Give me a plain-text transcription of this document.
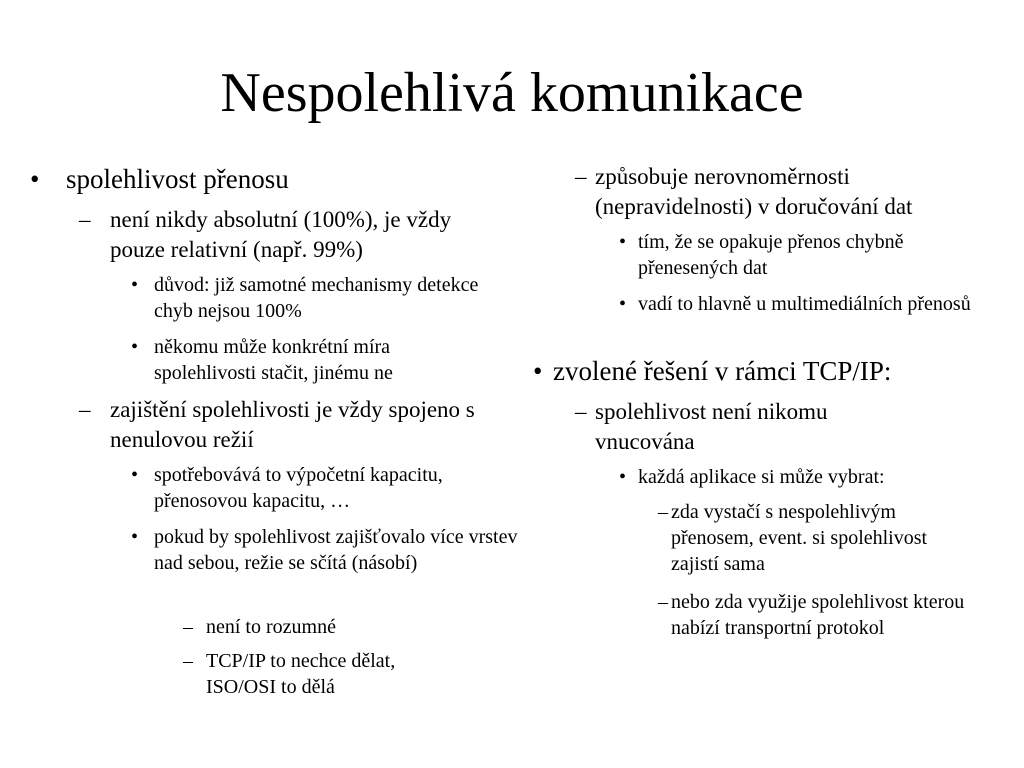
Nespolehlivá komunikace
• spolehlivost přenosu
– není nikdy absolutní (100%), je vždy pouze relativní (např. 99%)
• důvod: již samotné mechanismy detekce chyb nejsou 100%
• někomu může konkrétní míra spolehlivosti stačit, jinému ne
– zajištění spolehlivosti je vždy spojeno s nenulovou režií
• spotřebovává to výpočetní kapacitu, přenosovou kapacitu, …
• pokud by spolehlivost zajišťovalo více vrstev nad sebou, režie se sčítá (násobí)
– není to rozumné
– TCP/IP to nechce dělat, ISO/OSI to dělá
– způsobuje nerovnoměrnosti (nepravidelnosti) v doručování dat
• tím, že se opakuje přenos chybně přenesených dat
• vadí to hlavně u multimediálních přenosů
• zvolené řešení v rámci TCP/IP:
– spolehlivost není nikomu vnucována
• každá aplikace si může vybrat:
– zda vystačí s nespolehlivým přenosem, event. si spolehlivost zajistí sama
– nebo zda využije spolehlivost kterou nabízí transportní protokol
